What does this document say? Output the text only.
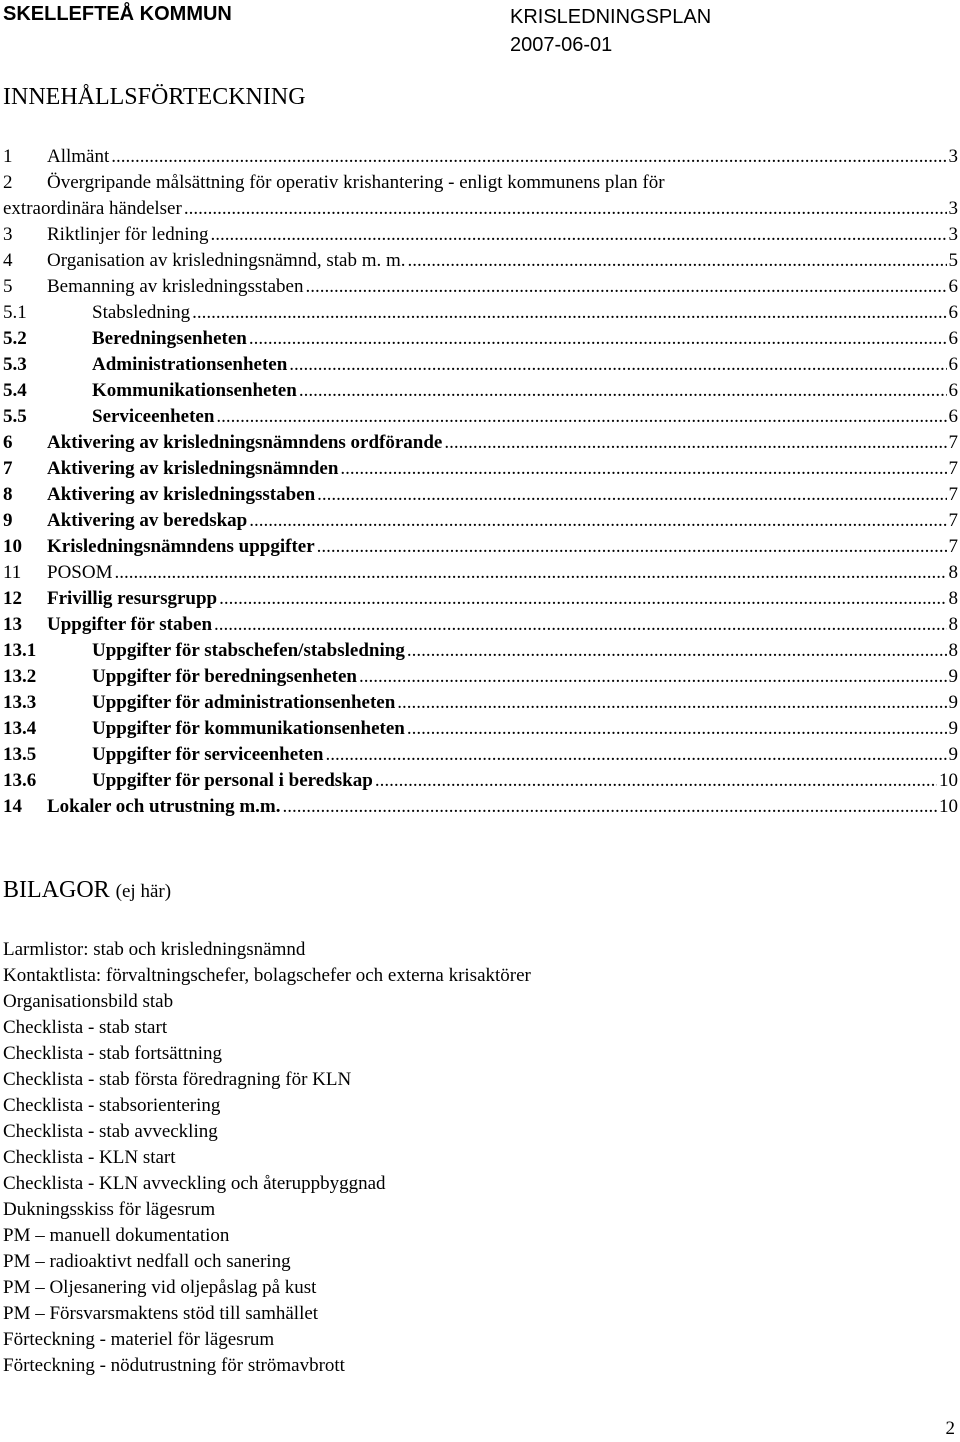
SKELLEFTEÅ KOMMUN	KRISLEDNINGSPLAN
2007-06-01
INNEHÅLLSFÖRTECKNING
1	Allmänt .....	3
2	Övergripande målsättning för operativ krishantering - enligt kommunens plan för
extraordinära händelser .....	3
3	Riktlinjer för ledning .....	3
4	Organisation av krisledningsnämnd, stab m. m. .....	5
5	Bemanning av krisledningsstaben .....	6
5.1	Stabsledning .....	6
5.2	Beredningsenheten .....	6
5.3	Administrationsenheten .....	6
5.4	Kommunikationsenheten .....	6
5.5	Serviceenheten .....	6
6	Aktivering av krisledningsnämndens ordförande .....	7
7	Aktivering av krisledningsnämnden .....	7
8	Aktivering av krisledningsstaben .....	7
9	Aktivering av beredskap .....	7
10	Krisledningsnämndens uppgifter .....	7
11	POSOM .....	8
12	Frivillig resursgrupp .....	8
13	Uppgifter för staben .....	8
13.1	Uppgifter för stabschefen/stabsledning .....	8
13.2	Uppgifter för beredningsenheten .....	9
13.3	Uppgifter för administrationsenheten .....	9
13.4	Uppgifter för kommunikationsenheten .....	9
13.5	Uppgifter för serviceenheten .....	9
13.6	Uppgifter för personal i beredskap .....	10
14	Lokaler och utrustning m.m. .....	10
BILAGOR (ej här)
Larmlistor: stab och krisledningsnämnd
Kontaktlista: förvaltningschefer, bolagschefer och externa krisaktörer
Organisationsbild stab
Checklista - stab start
Checklista - stab fortsättning
Checklista - stab första föredragning för KLN
Checklista - stabsorientering
Checklista - stab avveckling
Checklista - KLN start
Checklista - KLN avveckling och återuppbyggnad
Dukningsskiss för lägesrum
PM – manuell dokumentation
PM – radioaktivt nedfall och sanering
PM – Oljesanering vid oljepåslag på kust
PM – Försvarsmaktens stöd till samhället
Förteckning - materiel för lägesrum
Förteckning - nödutrustning för strömavbrott
2
